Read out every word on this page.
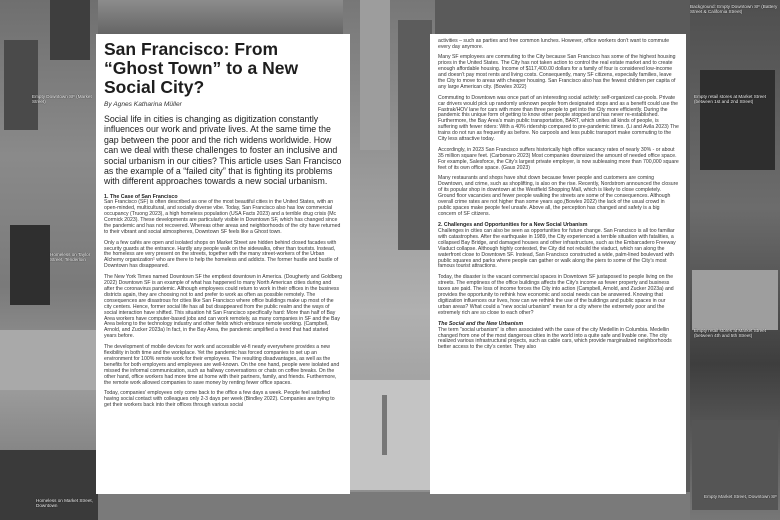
Background: Empty Downtown SF (Battery Street & California Street)
Empty Downtown SF (Market Street)
Homeless on Taylor Street, Tenderloin
Homeless on Market Street, Downtown
Empty retail stores at Market Street (between 1st and 2nd Street)
Empty retail stores at Market Street (between 4th and 5th Street)
Empty Market Street, Downtown SF
San Francisco: From “Ghost Town” to a New Social City?
By Agnes Katharina Müller
Social life in cities is changing as digitization constantly influences our work and private lives. At the same time the gap between the poor and the rich widens worldwide. How can we deal with these challenges to foster an inclusive and social urbanism in our cities? This article uses San Francisco as the example of a “failed city” that is fighting its problems with different approaches towards a new social urbanism.
1. The Case of San Francisco

San Francisco (SF) is often described as one of the most beautiful cities in the United States, with an open-minded, multicultural, and socially diverse vibe. Today, San Francisco also has low commercial occupancy (Truong 2023), a high homeless population (USA Facts 2023) and a terrible drug crisis (Mc Cormick 2023). These developments are particularly visible in Downtown SF, which has changed since the pandemic and has not recovered. Whereas other areas and neighborhoods of the city have returned to their vibrant and social atmospheres, Downtown SF feels like a Ghost town.

Only a few cafés are open and isolated shops on Market Street are hidden behind closed facades with security guards at the entrance. Hardly any people walk on the sidewalks, other than tourists. Instead, the homeless are very present on the streets, together with the many street-workers of the Urban Alchemy organization¹ who are there to help the homeless and addicts. The former hustle and bustle of Downtown has disappeared.

The New York Times named Downtown SF the emptiest downtown in America. (Dougherty and Goldberg 2022) Downtown SF is an example of what has happened to many North American cities during and after the coronavirus pandemic. Although employees could return to work in their offices in the business districts again, they are choosing not to and prefer to work as often as possible remotely. The consequences are disastrous for cities like San Francisco where office buildings make up most of the city centers. Hence, former social life has all but disappeared from the public realm and the ways of social interaction have shifted. This situation hit San Francisco specifically hard: More than half of Bay Area workers have computer-based jobs and can work remotely, as many companies in SF and the Bay Area belong to the technology industry and other fields which embrace remote working. (Campbell, Arnold, and Zucker 2023a) In fact, in the Bay Area, the pandemic amplified a trend that had started years before.

The development of mobile devices for work and accessible wi-fi nearly everywhere provides a new flexibility in both time and the workplace. Yet the pandemic has forced companies to set up an environment for 100% remote work for their employees. The resulting disadvantages, as well as the benefits for both employers and employees are well-known. On the one hand, people were isolated and missed the informal communication, such as hallway conversations or chats on coffee breaks. On the other hand, office workers had more time at home with their partners, family, and friends. Furthermore, the remote work allowed companies to save money by renting fewer office spaces.

Today, companies’ employees only come back to the office a few days a week. People feel satisfied having social contact with colleagues only 2-3 days per week (Bindley 2022). Companies are trying to get their workers back into their offices through various social

activities – such as parties and free common lunches. However, office workers don’t want to commute every day anymore.

Many SF employees are commuting to the City because San Francisco has some of the highest housing prices in the United States. The City has not taken action to control the real estate market and to create enough affordable housing. Income of $117,400.00 dollars for a family of four is considered low-income and doesn’t pay most rents and living costs. Consequently, many SF citizens, especially families, leave the City to move to areas with cheaper housing. San Francisco also has the fewest children per capita of any large American city. (Bowles 2022)

Commuting to Downtown was once part of an interesting social activity: self-organized car-pools. Private car drivers would pick up randomly unknown people from designated stops and as a benefit could use the Fastrak/HOV lane for cars with more than three people to get into the City more efficiently. During the pandemic this unique form of getting to know other people stopped and has never re-established. Furthermore, the Bay Area’s main public transportation, BART, which unites all kinds of people, is suffering with fewer riders: With a 40% ridership compared to pre-pandemic times. (Li and Avila 2023) The trains do not run as frequently as before. No carpools and less public transport make commuting to the City less attractive today.

Accordingly, in 2023 San Francisco suffers historically high office vacancy rates of nearly 30% - or about 35 million square feet. (Carbonaro 2023) Most companies downsized the amount of needed office space. For example, Salesforce, the City’s largest private employer, is now subleasing more than 700,000 square feet of its own office space. (Gaus 2023)

Many restaurants and shops have shut down because fewer people and customers are coming Downtown, and crime, such as shoplifting, is also on the rise. Recently, Nordstrom announced the closure of its popular shop in downtown at the Westfield Shopping Mall, which is likely to close completely. Ground floor vacancies and fewer people walking the streets are some of the consequences. Although overall crime rates are not higher than some years ago,(Bowles 2022) the lack of the usual crowd in public spaces make people feel unsafe. Above all, the perception has changed and safety is a big concern of SF citizens.

2. Challenges and Opportunities for a New Social Urbanism

Challenges in cities can also be seen as opportunities for future change. San Francisco is all too familiar with catastrophes. After the earthquake in 1989, the City experienced a terrible situation with fatalities, a collapsed Bay Bridge, and damaged houses and other infrastructure, such as the Embarcadero Freeway Viaduct collapse. Although highly contested, the City did not rebuild the viaduct, which ran along the waterfront close to Downtown SF. Instead, San Francisco constructed a wide, palm-lined boulevard with public squares and parks where people can gather or walk along the piers to some of the City’s most famous tourist attractions.

Today, the disaster is the vacant commercial spaces in Downtown SF juxtaposed to people living on the streets. The emptiness of the office buildings affects the City’s income as fewer property and business taxes are paid. The loss of income forces the City into action (Campbell, Arnold, and Zucker 2023a) and provides the opportunity to rethink how economic and social needs can be answered. Knowing that digitization influences our lives, how can we rethink the use of the buildings and public spaces in our urban areas? What could a “new social urbanism” mean for a city where the extremely poor and the extremely rich are so close to each other?

The Social and the New Urbanism

The term “social urbanism” is often associated with the case of the city Medellin in Columbia. Medellin changed from one of the most dangerous cities in the world into a quite safe and livable one. The city realized various infrastructural projects, such as cable cars, which provide marginalized neighborhoods better access to the city’s center. They also
